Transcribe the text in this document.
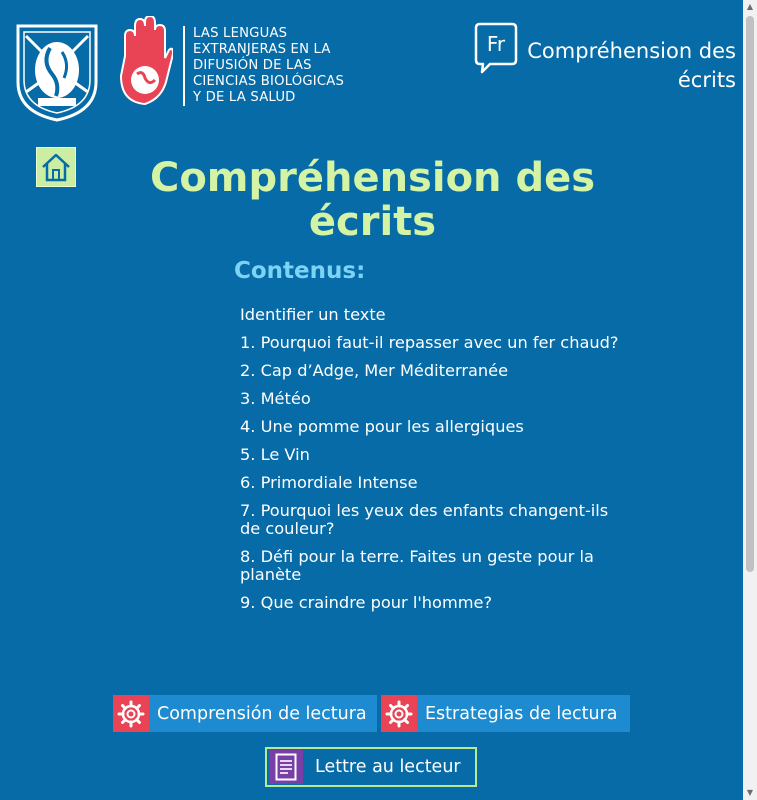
LAS LENGUAS
EXTRANJERAS EN LA
DIFUSIÓN DE LAS
CIENCIAS BIOLÓGICAS
Y DE LA SALUD
Fr	Compréhension des écrits
Compréhension des écrits
Contenus:
Identifier un texte
1. Pourquoi faut-il repasser avec un fer chaud?
2. Cap d’Adge, Mer Méditerranée
3. Météo
4. Une pomme pour les allergiques
5. Le Vin
6. Primordiale Intense
7. Pourquoi les yeux des enfants changent-ils de couleur?
8. Défi pour la terre. Faites un geste pour la planète
9. Que craindre pour l'homme?
Comprensión de lectura	Estrategias de lectura
Lettre au lecteur
▲
▼
